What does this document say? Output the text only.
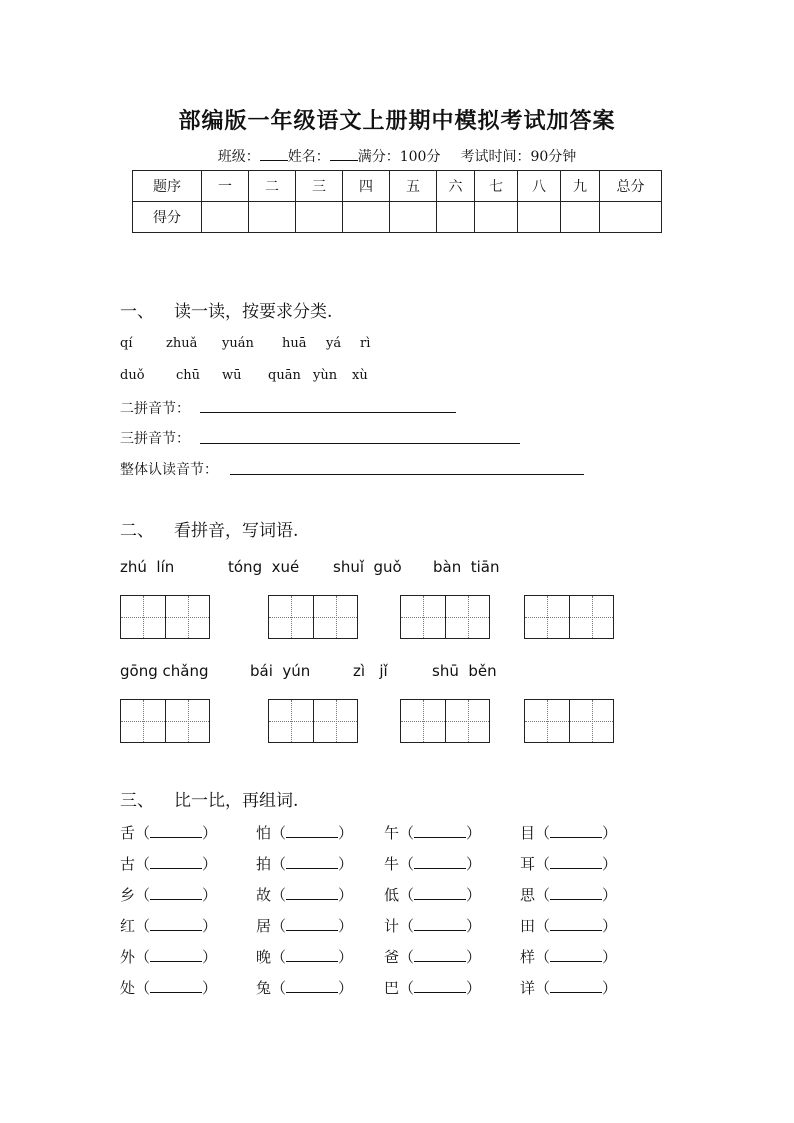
部编版一年级语文上册期中模拟考试加答案
班级： 姓名： 满分：100分 考试时间：90分钟
题序	一	二	三	四	五	六	七	八	九	总分
得分										
一、 读一读，按要求分类.
qí	zhuǎ yuán huā yá rì
duǒ chū wū quān yùn xù
二拼音节：
三拼音节：
整体认读音节：
二、 看拼音，写词语.
zhú  lín	tóng  xué shuǐ  guǒ bàn  tiān
gōng chǎng	bái  yún	zì   jǐ	shū  běn
三、 比一比，再组词.
舌（	）	怕（	） 午（	）	目（	）
古（	）	拍（	） 牛（	）	耳（	）
乡（	）	故（	） 低（	）	思（	）
红（	）	居（	） 计（	）	田（	）
外（	）	晚（	） 爸（	）	样（	）
处（	）	兔（	） 巴（	）	详（	）
